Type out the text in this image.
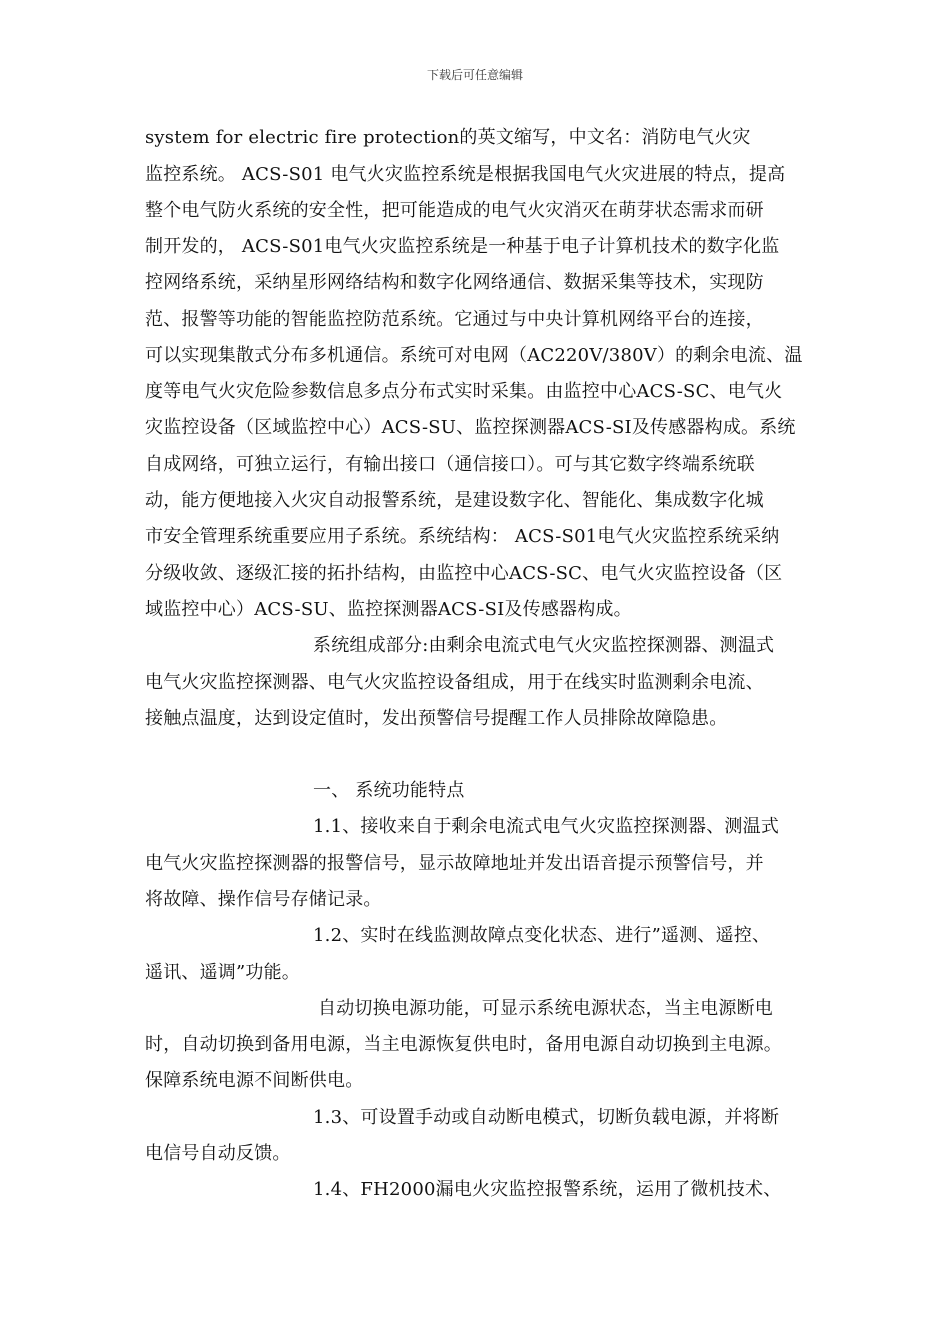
下载后可任意编辑
system for electric fire protection的英文缩写，中文名：消防电气火灾
监控系统。 ACS-S01 电气火灾监控系统是根据我国电气火灾进展的特点，提高
整个电气防火系统的安全性，把可能造成的电气火灾消灭在萌芽状态需求而研
制开发的， ACS-S01电气火灾监控系统是一种基于电子计算机技术的数字化监
控网络系统，采纳星形网络结构和数字化网络通信、数据采集等技术，实现防
范、报警等功能的智能监控防范系统。它通过与中央计算机网络平台的连接，
可以实现集散式分布多机通信。系统可对电网（AC220V/380V）的剩余电流、温
度等电气火灾危险参数信息多点分布式实时采集。由监控中心ACS-SC、电气火
灾监控设备（区域监控中心）ACS-SU、监控探测器ACS-SI及传感器构成。系统
自成网络，可独立运行，有输出接口（通信接口）。可与其它数字终端系统联
动，能方便地接入火灾自动报警系统，是建设数字化、智能化、集成数字化城
市安全管理系统重要应用子系统。系统结构： ACS-S01电气火灾监控系统采纳
分级收敛、逐级汇接的拓扑结构，由监控中心ACS-SC、电气火灾监控设备（区
域监控中心）ACS-SU、监控探测器ACS-SI及传感器构成。
系统组成部分:由剩余电流式电气火灾监控探测器、测温式
电气火灾监控探测器、电气火灾监控设备组成，用于在线实时监测剩余电流、
接触点温度，达到设定值时，发出预警信号提醒工作人员排除故障隐患。
一、 系统功能特点
1.1、接收来自于剩余电流式电气火灾监控探测器、测温式
电气火灾监控探测器的报警信号，显示故障地址并发出语音提示预警信号，并
将故障、操作信号存储记录。
1.2、实时在线监测故障点变化状态、进行”遥测、遥控、
遥讯、遥调”功能。
自动切换电源功能，可显示系统电源状态，当主电源断电
时，自动切换到备用电源，当主电源恢复供电时，备用电源自动切换到主电源。
保障系统电源不间断供电。
1.3、可设置手动或自动断电模式，切断负载电源，并将断
电信号自动反馈。
1.4、FH2000漏电火灾监控报警系统，运用了微机技术、
